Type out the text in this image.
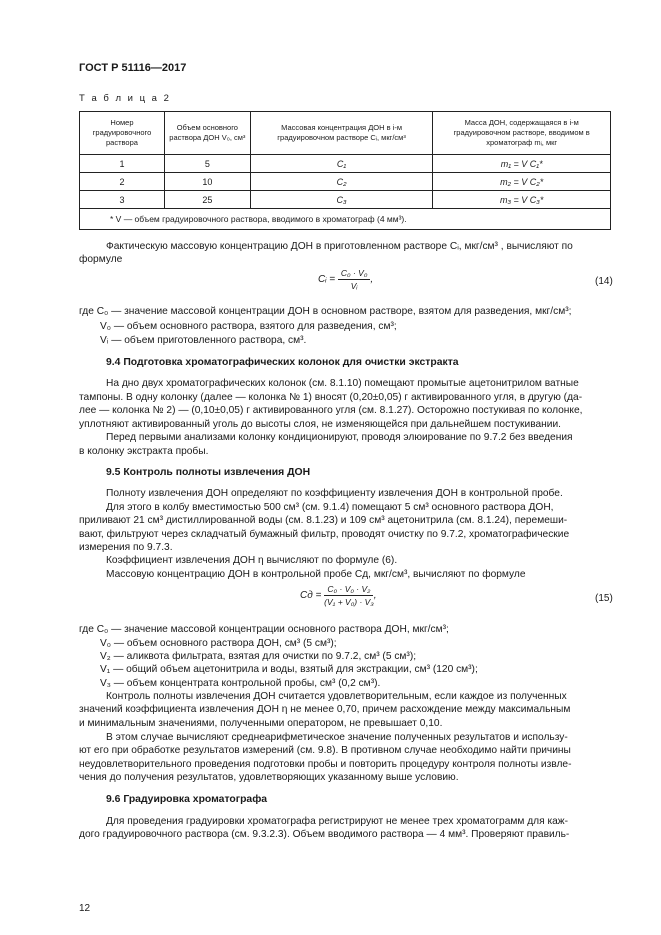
ГОСТ Р 51116—2017
Т а б л и ц а 2
Номер градуировочного раствора	Объем основного раствора ДОН V₀, см³	Массовая концентрация ДОН в i-м градуировочном растворе Cᵢ, мкг/см³	Масса ДОН, содержащаяся в i-м градуировочном растворе, вводимом в хроматограф mᵢ, мкг
1	5	C₁	m₁ = V C₁*
2	10	C₂	m₂ = V C₂*
3	25	C₃	m₃ = V C₃*
* V — объем градуировочного раствора, вводимого в хроматограф (4 мм³).			
Фактическую массовую концентрацию ДОН в приготовленном растворе Cᵢ, мкг/см³ , вычисляют по
формуле
Cᵢ = $\frac{\text{C₀ · V₀}}{\text{Vᵢ}}$ ,	(14)
где C₀ — значение массовой концентрации ДОН в основном растворе, взятом для разведения, мкг/см³;
V₀ — объем основного раствора, взятого для разведения, см³;
Vᵢ — объем приготовленного раствора, см³.
9.4 Подготовка хроматографических колонок для очистки экстракта
На дно двух хроматографических колонок (см. 8.1.10) помещают промытые ацетонитрилом ватные
тампоны. В одну колонку (далее — колонка № 1) вносят (0,20±0,05) г активированного угля, в другую (да-
лее — колонка № 2) — (0,10±0,05) г активированного угля (см. 8.1.27). Осторожно постукивая по колонке,
уплотняют активированный уголь до высоты слоя, не изменяющейся при дальнейшем постукивании.
Перед первыми анализами колонку кондиционируют, проводя элюирование по 9.7.2 без введения
в колонку экстракта пробы.
9.5 Контроль полноты извлечения ДОН
Полноту извлечения ДОН определяют по коэффициенту извлечения ДОН в контрольной пробе.
Для этого в колбу вместимостью 500 см³ (см. 9.1.4) помещают 5 см³ основного раствора ДОН,
приливают 21 см³ дистиллированной воды (см. 8.1.23) и 109 см³ ацетонитрила (см. 8.1.24), перемеши-
вают, фильтруют через складчатый бумажный фильтр, проводят очистку по 9.7.2, хроматографические
измерения по 9.7.3.
Коэффициент извлечения ДОН η вычисляют по формуле (6).
Массовую концентрацию ДОН в контрольной пробе Cд, мкг/см³, вычисляют по формуле
Cд = $\frac{\text{C₀ · V₀ · V₂}}{\text{(V₁ + V₀) · V₃}}$ ,	(15)
где C₀ — значение массовой концентрации основного раствора ДОН, мкг/см³;
V₀ — объем основного раствора ДОН, см³ (5 см³);
V₂ — аликвота фильтрата, взятая для очистки по 9.7.2, см³ (5 см³);
V₁ — общий объем ацетонитрила и воды, взятый для экстракции, см³ (120 см³);
V₃ — объем концентрата контрольной пробы, см³ (0,2 см³).
Контроль полноты извлечения ДОН считается удовлетворительным, если каждое из полученных
значений коэффициента извлечения ДОН η не менее 0,70, причем расхождение между максимальным
и минимальным значениями, полученными оператором, не превышает 0,10.
В этом случае вычисляют среднеарифметическое значение полученных результатов и использу-
ют его при обработке результатов измерений (см. 9.8). В противном случае необходимо найти причины
неудовлетворительного проведения подготовки пробы и повторить процедуру контроля полноты извле-
чения до получения результатов, удовлетворяющих указанному выше условию.
9.6 Градуировка хроматографа
Для проведения градуировки хроматографа регистрируют не менее трех хроматограмм для каж-
дого градуировочного раствора (см. 9.3.2.3). Объем вводимого раствора — 4 мм³. Проверяют правиль-
12
